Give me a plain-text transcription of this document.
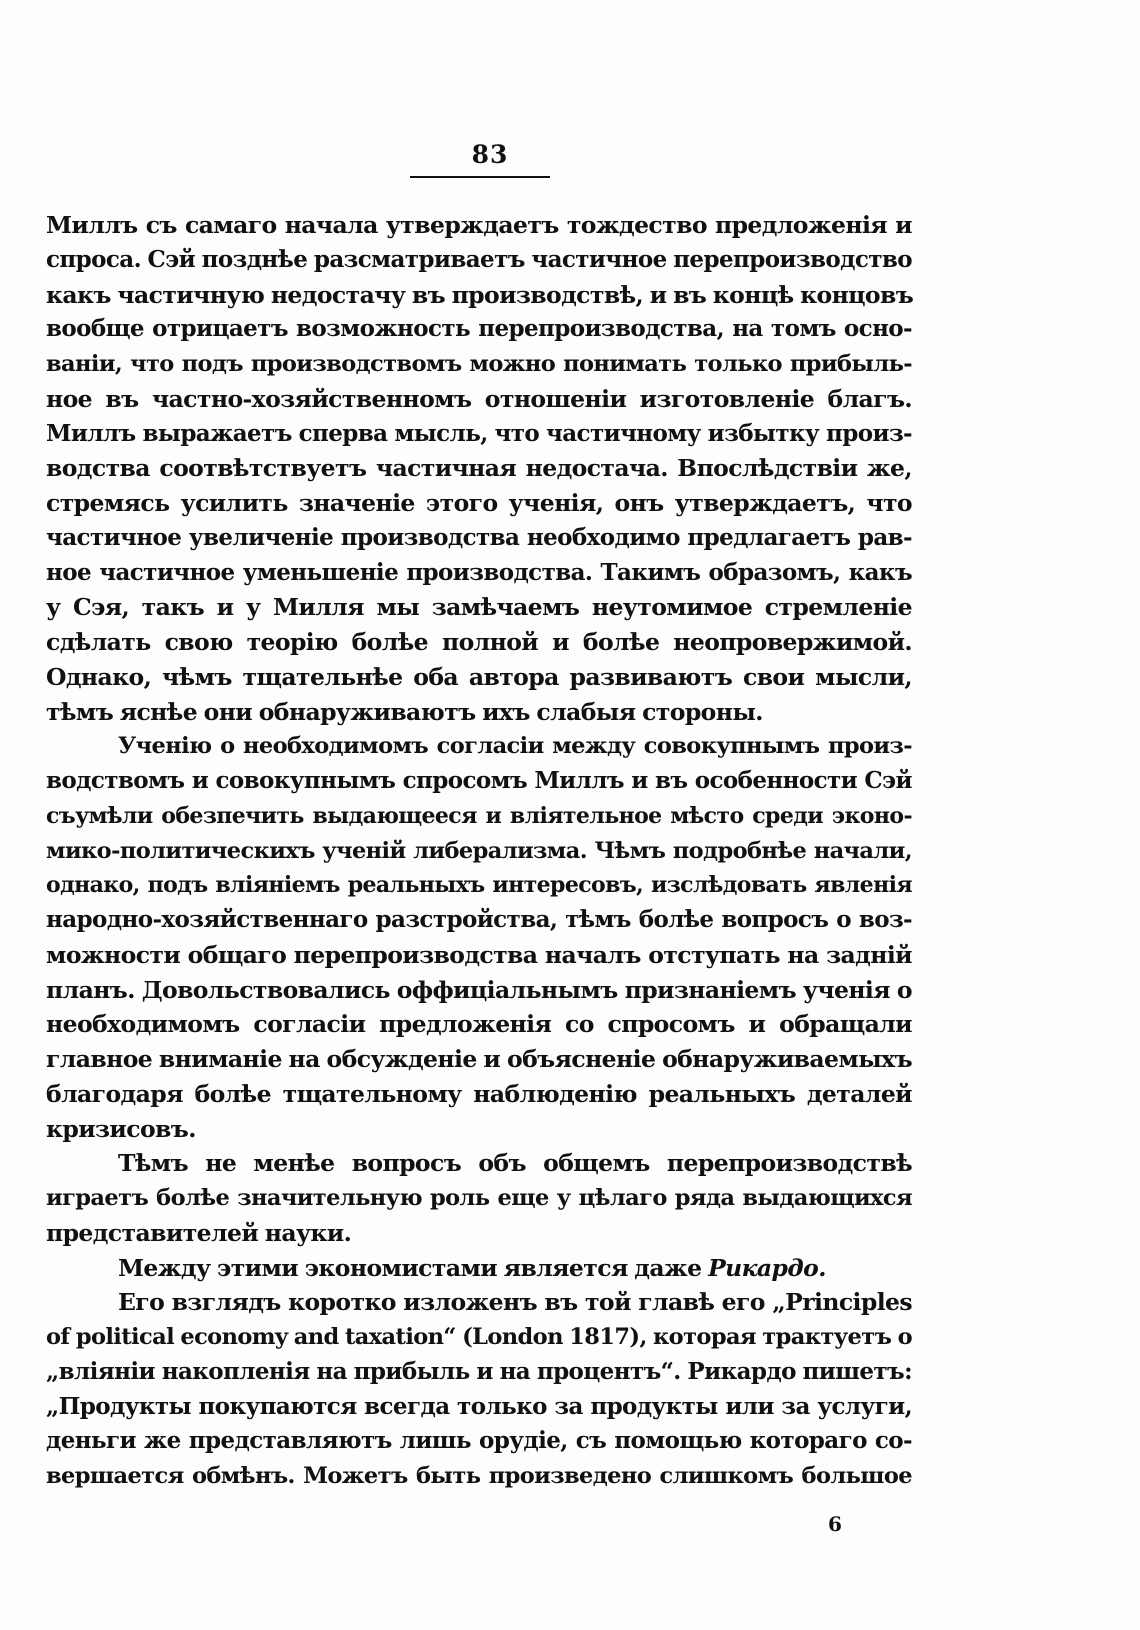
83
Миллъ съ самаго начала утверждаетъ тождество предложенія и
спроса. Сэй позднѣе разсматриваетъ частичное перепроизводство
какъ частичную недостачу въ производствѣ, и въ концѣ концовъ
вообще отрицаетъ возможность перепроизводства, на томъ осно-
ваніи, что подъ производствомъ можно понимать только прибыль-
ное въ частно-хозяйственномъ отношеніи изготовленіе благъ.
Миллъ выражаетъ сперва мысль, что частичному избытку произ-
водства соотвѣтствуетъ частичная недостача. Впослѣдствіи же,
стремясь усилить значеніе этого ученія, онъ утверждаетъ, что
частичное увеличеніе производства необходимо предлагаетъ рав-
ное частичное уменьшеніе производства. Такимъ образомъ, какъ
у Сэя, такъ и у Милля мы замѣчаемъ неутомимое стремленіе
сдѣлать свою теорію болѣе полной и болѣе неопровержимой.
Однако, чѣмъ тщательнѣе оба автора развиваютъ свои мысли,
тѣмъ яснѣе они обнаруживаютъ ихъ слабыя стороны.
Ученію о необходимомъ согласіи между совокупнымъ произ-
водствомъ и совокупнымъ спросомъ Миллъ и въ особенности Сэй
съумѣли обезпечить выдающееся и вліятельное мѣсто среди эконо-
мико-политическихъ ученій либерализма. Чѣмъ подробнѣе начали,
однако, подъ вліяніемъ реальныхъ интересовъ, изслѣдовать явленія
народно-хозяйственнаго разстройства, тѣмъ болѣе вопросъ о воз-
можности общаго перепроизводства началъ отступать на задній
планъ. Довольствовались оффиціальнымъ признаніемъ ученія о
необходимомъ согласіи предложенія со спросомъ и обращали
главное вниманіе на обсужденіе и объясненіе обнаруживаемыхъ
благодаря болѣе тщательному наблюденію реальныхъ деталей
кризисовъ.
Тѣмъ не менѣе вопросъ объ общемъ перепроизводствѣ
играетъ болѣе значительную роль еще у цѣлаго ряда выдающихся
представителей науки.
Между этими экономистами является даже Рикардо.
Его взглядъ коротко изложенъ въ той главѣ его „Principles
of political economy and taxation“ (London 1817), которая трактуетъ о
„вліяніи накопленія на прибыль и на процентъ“. Рикардо пишетъ:
„Продукты покупаются всегда только за продукты или за услуги,
деньги же представляютъ лишь орудіе, съ помощью котораго со-
вершается обмѣнъ. Можетъ быть произведено слишкомъ большое
6
